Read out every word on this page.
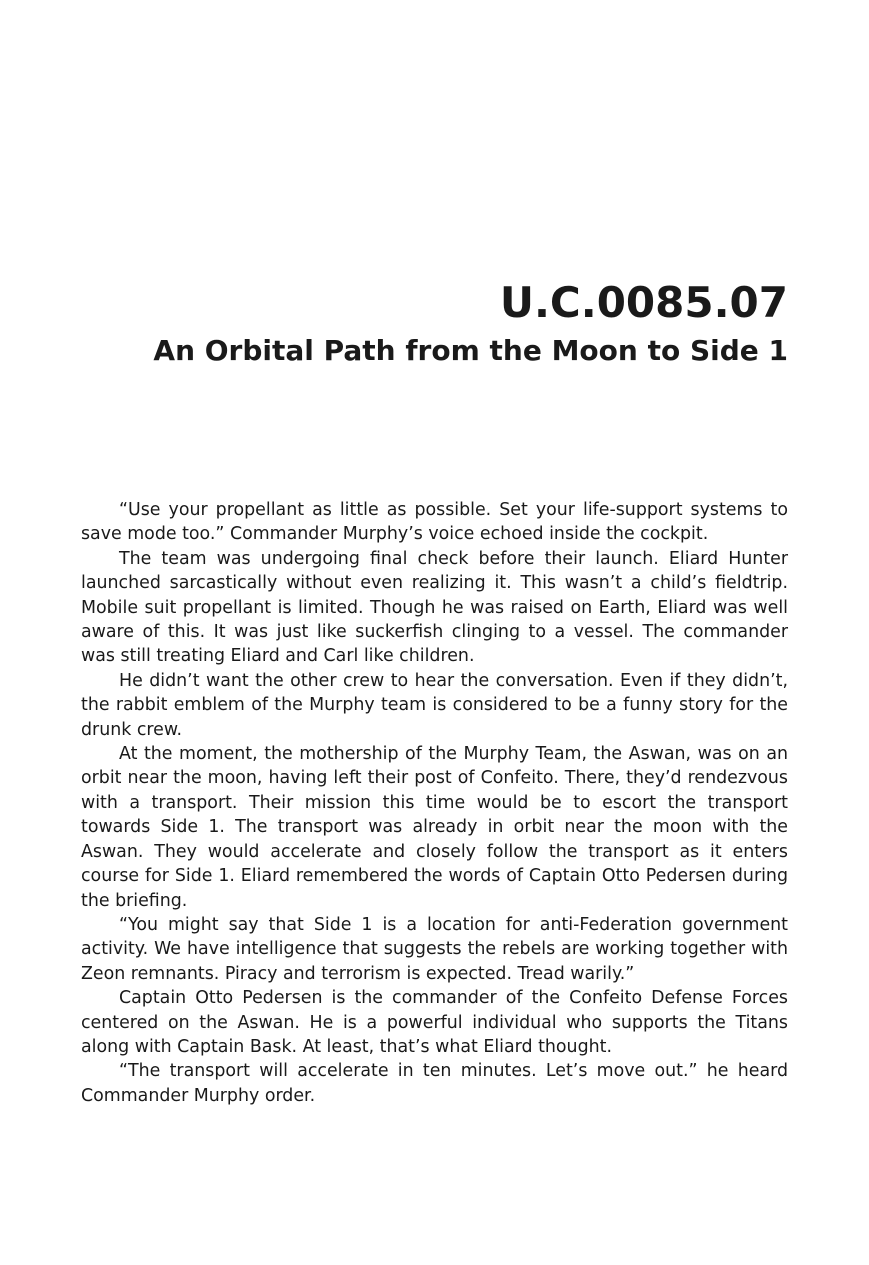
U.C.0085.07
An Orbital Path from the Moon to Side 1

“Use your propellant as little as possible. Set your life-support systems to save mode too.” Commander Murphy’s voice echoed inside the cockpit.

The team was undergoing final check before their launch. Eliard Hunter launched sarcastically without even realizing it. This wasn’t a child’s fieldtrip. Mobile suit propellant is limited. Though he was raised on Earth, Eliard was well aware of this. It was just like suckerfish clinging to a vessel. The commander was still treating Eliard and Carl like children.

He didn’t want the other crew to hear the conversation. Even if they didn’t, the rabbit emblem of the Murphy team is considered to be a funny story for the drunk crew.

At the moment, the mothership of the Murphy Team, the Aswan, was on an orbit near the moon, having left their post of Confeito. There, they’d rendezvous with a transport. Their mission this time would be to escort the transport towards Side 1. The transport was already in orbit near the moon with the Aswan. They would accelerate and closely follow the transport as it enters course for Side 1. Eliard remembered the words of Captain Otto Pedersen during the briefing.

“You might say that Side 1 is a location for anti-Federation government activity. We have intelligence that suggests the rebels are working together with Zeon remnants. Piracy and terrorism is expected. Tread warily.”

Captain Otto Pedersen is the commander of the Confeito Defense Forces centered on the Aswan. He is a powerful individual who supports the Titans along with Captain Bask. At least, that’s what Eliard thought.

“The transport will accelerate in ten minutes. Let’s move out.” he heard Commander Murphy order.
